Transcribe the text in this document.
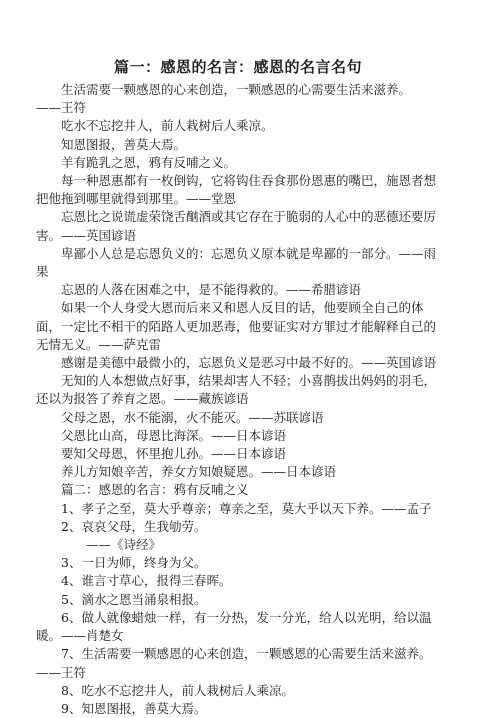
篇一：感恩的名言：感恩的名言名句

生活需要一颗感恩的心来创造，一颗感恩的心需要生活来滋养。

——王符

吃水不忘挖井人，前人栽树后人乘凉。

知恩图报，善莫大焉。

羊有跪乳之恩，鸦有反哺之义。

每一种恩惠都有一枚倒钩，它将钩住吞食那份恩惠的嘴巴，施恩者想把他拖到哪里就得到那里。——堂恩

忘恩比之说谎虚荣饶舌酗酒或其它存在于脆弱的人心中的恶德还要厉害。——英国谚语

卑鄙小人总是忘恩负义的：忘恩负义原本就是卑鄙的一部分。——雨果

忘恩的人落在困难之中，是不能得救的。——希腊谚语

如果一个人身受大恩而后来又和恩人反目的话，他要顾全自己的体面，一定比不相干的陌路人更加恶毒，他要证实对方罪过才能解释自己的无情无义。——萨克雷

感谢是美德中最微小的，忘恩负义是恶习中最不好的。——英国谚语

无知的人本想做点好事，结果却害人不轻；小喜鹊拔出妈妈的羽毛，还以为报答了养育之恩。——藏族谚语

父母之恩，水不能溺，火不能灭。——苏联谚语

父恩比山高，母恩比海深。——日本谚语

要知父母恩，怀里抱儿孙。——日本谚语

养儿方知娘辛苦，养女方知娘疑恩。——日本谚语

篇二：感恩的名言：鸦有反哺之义

1、孝子之至，莫大乎尊亲；尊亲之至，莫大乎以天下养。——孟子

2、哀哀父母，生我劬劳。

——《诗经》

3、一日为师，终身为父。

4、谁言寸草心，报得三春晖。

5、滴水之恩当涌泉相报。

6、做人就像蜡烛一样，有一分热，发一分光，给人以光明，给以温暖。——肖楚女

7、生活需要一颗感恩的心来创造，一颗感恩的心需要生活来滋养。——王符

8、吃水不忘挖井人，前人栽树后人乘凉。

9、知恩图报，善莫大焉。
